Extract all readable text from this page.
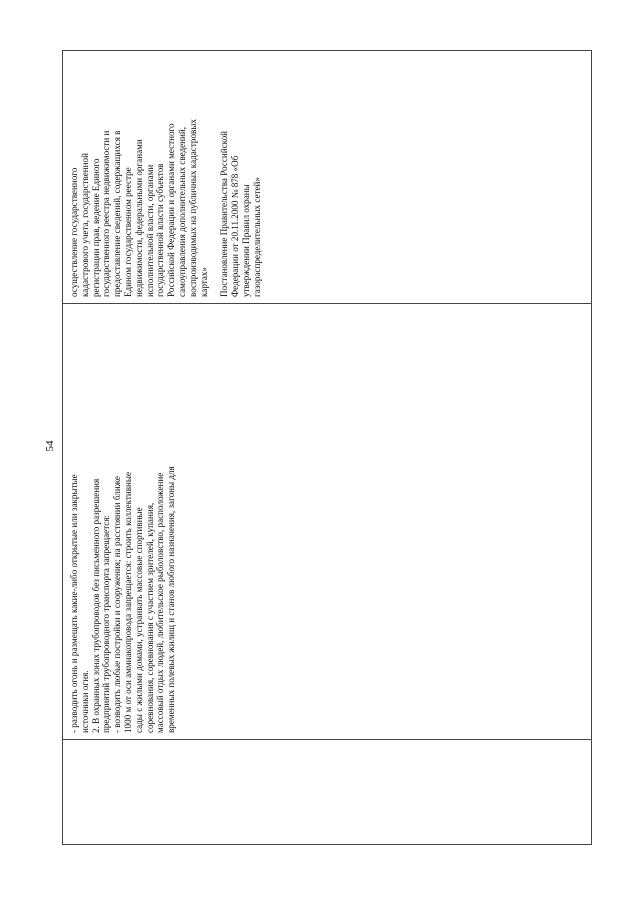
54
осуществление государственного кадастрового учета, государственной регистрации прав, ведение Единого государственного реестра недвижимости и предоставление сведений, содержащихся в Едином государственном реестре недвижимости, федеральными органами исполнительной власти, органами государственной власти субъектов Российской Федерации и органами местного самоуправления дополнительных сведений, воспроизводимых на публичных кадастровых картах» Постановление Правительства Российской Федерации от 20.11.2000 № 878 «Об утверждении Правил охраны газораспределительных сетей»
- разводить огонь и размещать какие-либо открытые или закрытые источники огня. 2. В охранных зонах трубопроводов без письменного разрешения предприятий трубопроводного транспорта запрещается: - возводить любые постройки и сооружения; на расстоянии ближе 1000 м от оси аммиакопровода запрещается: строить коллективные сады с жилыми домами, устраивать массовые спортивные соревнования, соревнования с участием зрителей, купания, массовый отдых людей, любительское рыболовство, расположение временных полевых жилищ и станов любого назначения, загоны для
